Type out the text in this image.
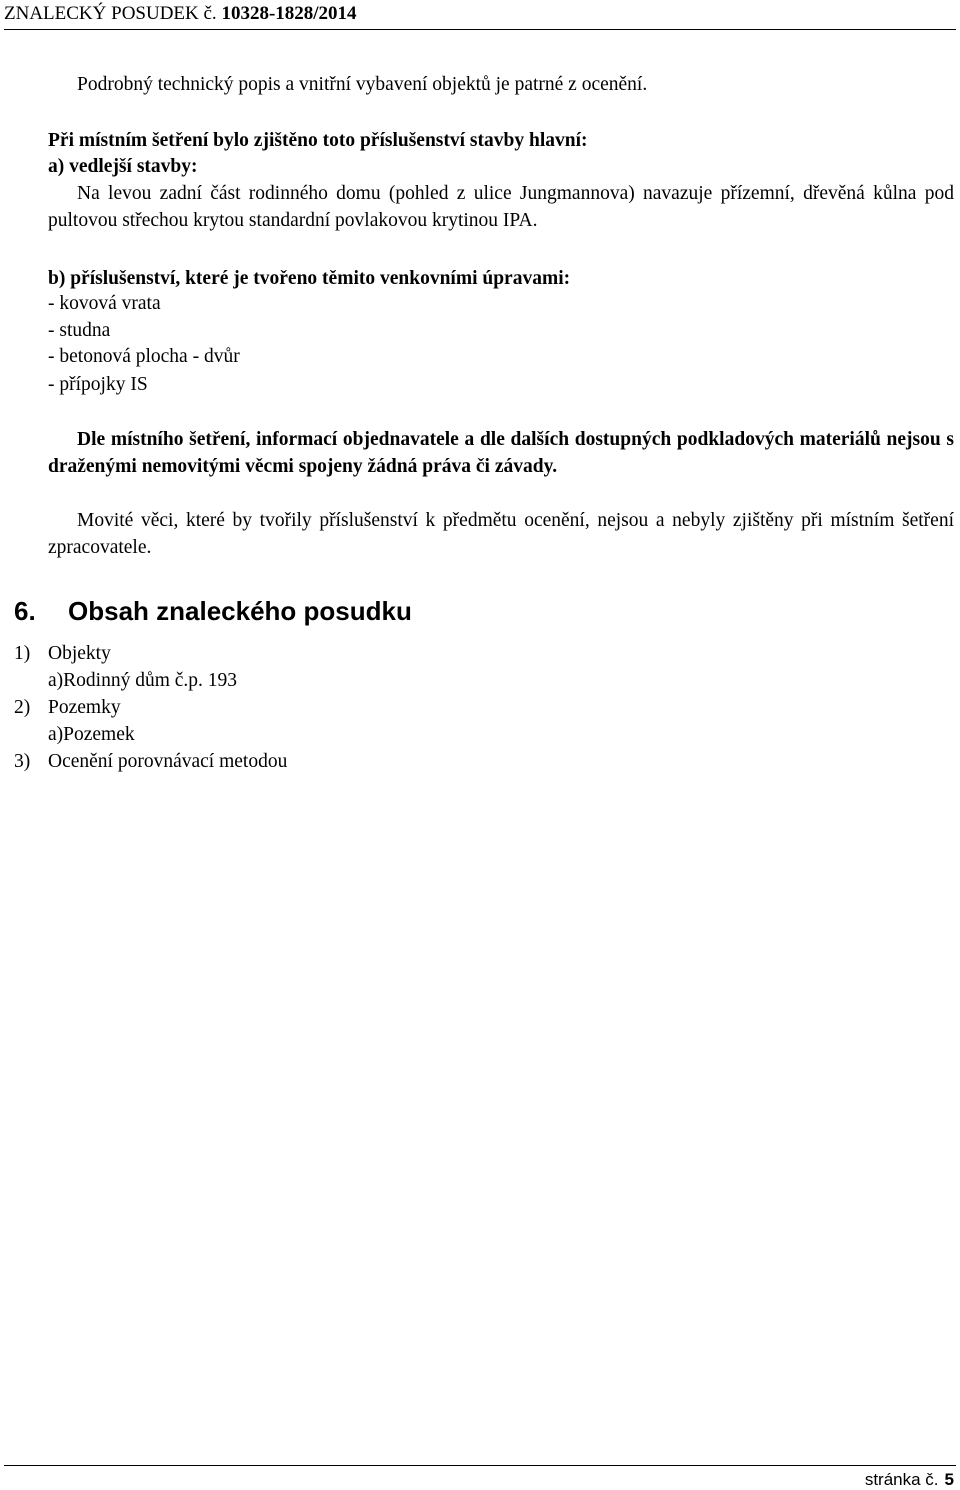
ZNALECKÝ POSUDEK č. 10328-1828/2014
Podrobný technický popis a vnitřní vybavení objektů je patrné z ocenění.
Při místním šetření bylo zjištěno toto příslušenství stavby hlavní:
a) vedlejší stavby:
Na levou zadní část rodinného domu (pohled z ulice Jungmannova) navazuje přízemní, dřevěná kůlna pod pultovou střechou krytou standardní povlakovou krytinou IPA.
b) příslušenství, které je tvořeno těmito venkovními úpravami:
- kovová vrata
- studna
- betonová plocha - dvůr
- přípojky IS
Dle místního šetření, informací objednavatele a dle dalších dostupných podkladových materiálů nejsou s draženými nemovitými věcmi spojeny žádná práva či závady.
Movité věci, které by tvořily příslušenství k předmětu ocenění, nejsou a nebyly zjištěny při místním šetření zpracovatele.
6. Obsah znaleckého posudku
1) Objekty
a)Rodinný dům č.p. 193
2) Pozemky
a)Pozemek
3) Ocenění porovnávací metodou
stránka č. 5
